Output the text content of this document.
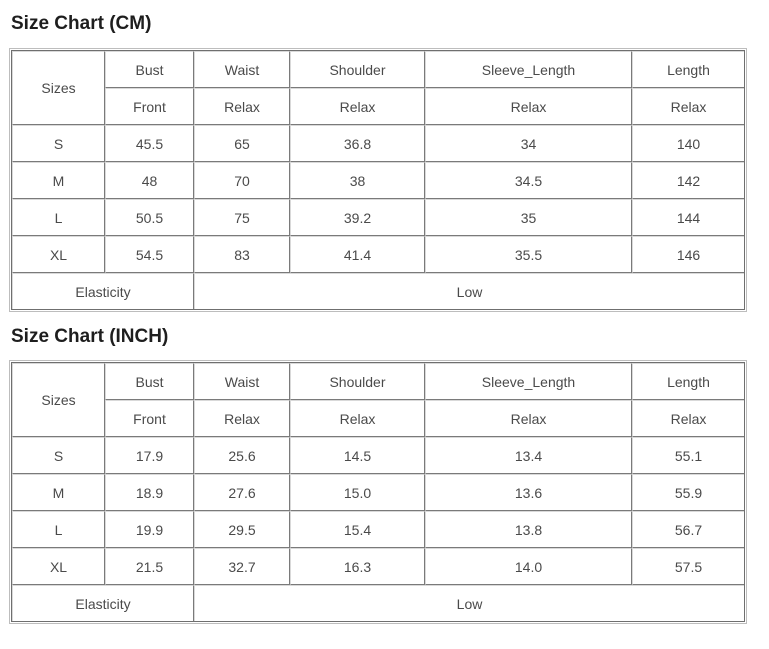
Size Chart (CM)
Sizes	Bust	Waist	Shoulder	Sleeve_Length	Length
	Front	Relax	Relax	Relax	Relax
S	45.5	65	36.8	34	140
M	48	70	38	34.5	142
L	50.5	75	39.2	35	144
XL	54.5	83	41.4	35.5	146
Elasticity		Low			
Size Chart (INCH)
Sizes	Bust	Waist	Shoulder	Sleeve_Length	Length
	Front	Relax	Relax	Relax	Relax
S	17.9	25.6	14.5	13.4	55.1
M	18.9	27.6	15.0	13.6	55.9
L	19.9	29.5	15.4	13.8	56.7
XL	21.5	32.7	16.3	14.0	57.5
Elasticity		Low			
